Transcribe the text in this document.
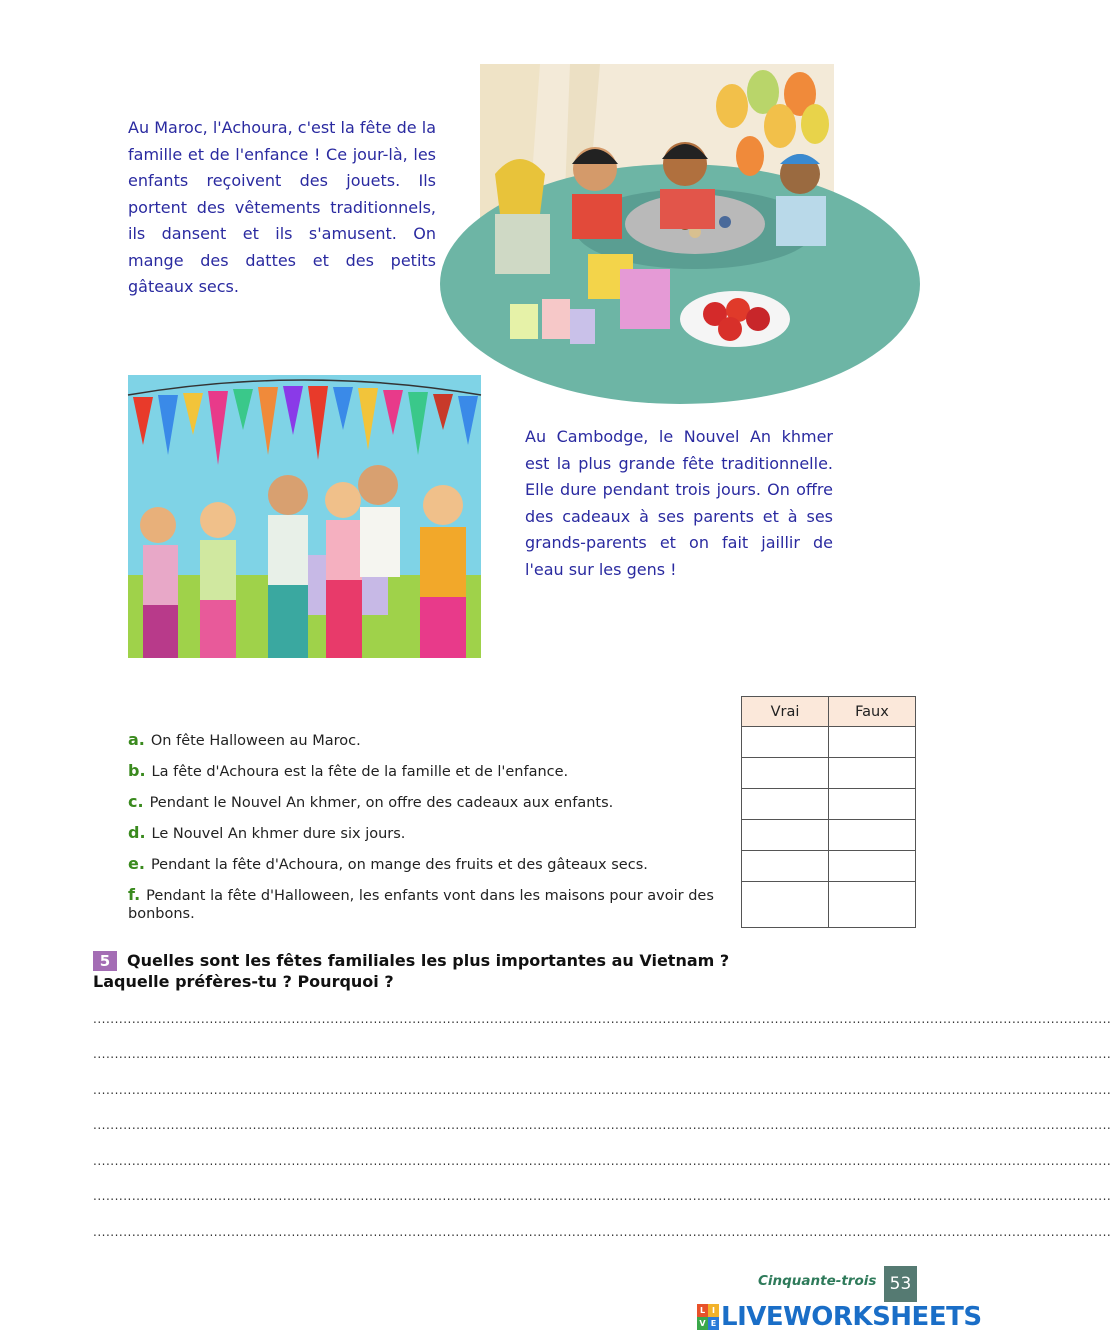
Au Maroc, l'Achoura, c'est la fête de la famille et de l'enfance ! Ce jour-là, les enfants reçoivent des jouets. Ils portent des vêtements traditionnels, ils dansent et ils s'amusent. On mange des dattes et des petits gâteaux secs.

Au Cambodge, le Nouvel An khmer est la plus grande fête traditionnelle. Elle dure pendant trois jours. On offre des cadeaux à ses parents et à ses grands-parents et on fait jaillir de l'eau sur les gens !

a. On fête Halloween au Maroc.
b. La fête d'Achoura est la fête de la famille et de l'enfance.
c. Pendant le Nouvel An khmer, on offre des cadeaux aux enfants.
d. Le Nouvel An khmer dure six jours.
e. Pendant la fête d'Achoura, on mange des fruits et des gâteaux secs.
f. Pendant la fête d'Halloween, les enfants vont dans les maisons pour avoir des bonbons.
Vrai	Faux

5 Quelles sont les fêtes familiales les plus importantes au Vietnam ?
Laquelle préfères-tu ? Pourquoi ?
............................................................................................................................................................................................................................................
............................................................................................................................................................................................................................................
............................................................................................................................................................................................................................................
............................................................................................................................................................................................................................................
............................................................................................................................................................................................................................................
............................................................................................................................................................................................................................................
............................................................................................................................................................................................................................................
Cinquante-trois 53
L I
V E LIVEWORKSHEETS
